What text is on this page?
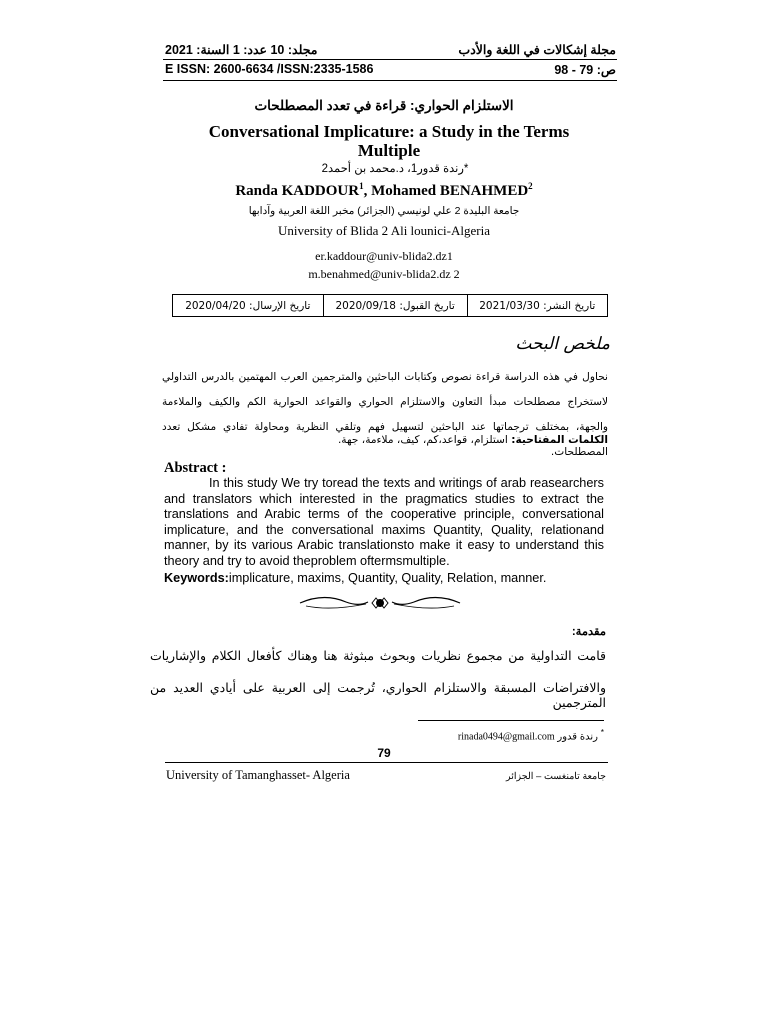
مجلة إشكالات في اللغة والأدب
مجلد: 10 عدد: 1 السنة: 2021
E ISSN: 2600-6634 /ISSN:2335-1586	ص: 79 - 98
الاستلزام الحواري: قراءة في تعدد المصطلحات
Conversational Implicature: a Study in the Terms
Multiple
*رندة قدور1، د.محمد بن أحمد2
Randa KADDOUR$^1$, Mohamed BENAHMED$^2$
جامعة البليدة 2 علي لونيسي (الجزائر) مخبر اللغة العربية وآدابها
University of Blida 2 Ali lounici-Algeria
er.kaddour@univ-blida2.dz1
m.benahmed@univ-blida2.dz 2
تاريخ الإرسال: 2020/04/20	تاريخ القبول: 2020/09/18	تاريخ النشر: 2021/03/30
ملخص البحث
نحاول في هذه الدراسة قراءة نصوص وكتابات الباحثين والمترجمين العرب المهتمين بالدرس التداولي لاستخراج مصطلحات مبدأ التعاون والاستلزام الحواري والقواعد الحوارية الكم والكيف والملاءمة والجهة، بمختلف ترجماتها عند الباحثين لتسهيل فهم وتلقي النظرية ومحاولة تفادي مشكل تعدد المصطلحات.
الكلمات المفتاحية: استلزام، قواعد،كم، كيف، ملاءمة، جهة.
Abstract :
In this study We try toread the texts and writings of arab reasearchers and translators which interested in the pragmatics studies to extract the translations and Arabic terms of the cooperative principle, conversational implicature, and the conversational maxims Quantity, Quality, relationand manner, by its various Arabic translationsto make it easy to understand this theory and try to avoid theproblem oftermsmultiple.
Keywords:implicature, maxims, Quantity, Quality, Relation, manner.
مقدمة:
قامت التداولية من مجموع نظريات وبحوث مبثوثة هنا وهناك كأفعال الكلام والإشاريات
والافتراضات المسبقة والاستلزام الحواري، تُرجمت إلى العربية على أيادي العديد من المترجمين
rinada0494@gmail.com رندة قدور *
79
University of Tamanghasset- Algeria	جامعة تامنغست – الجزائر
